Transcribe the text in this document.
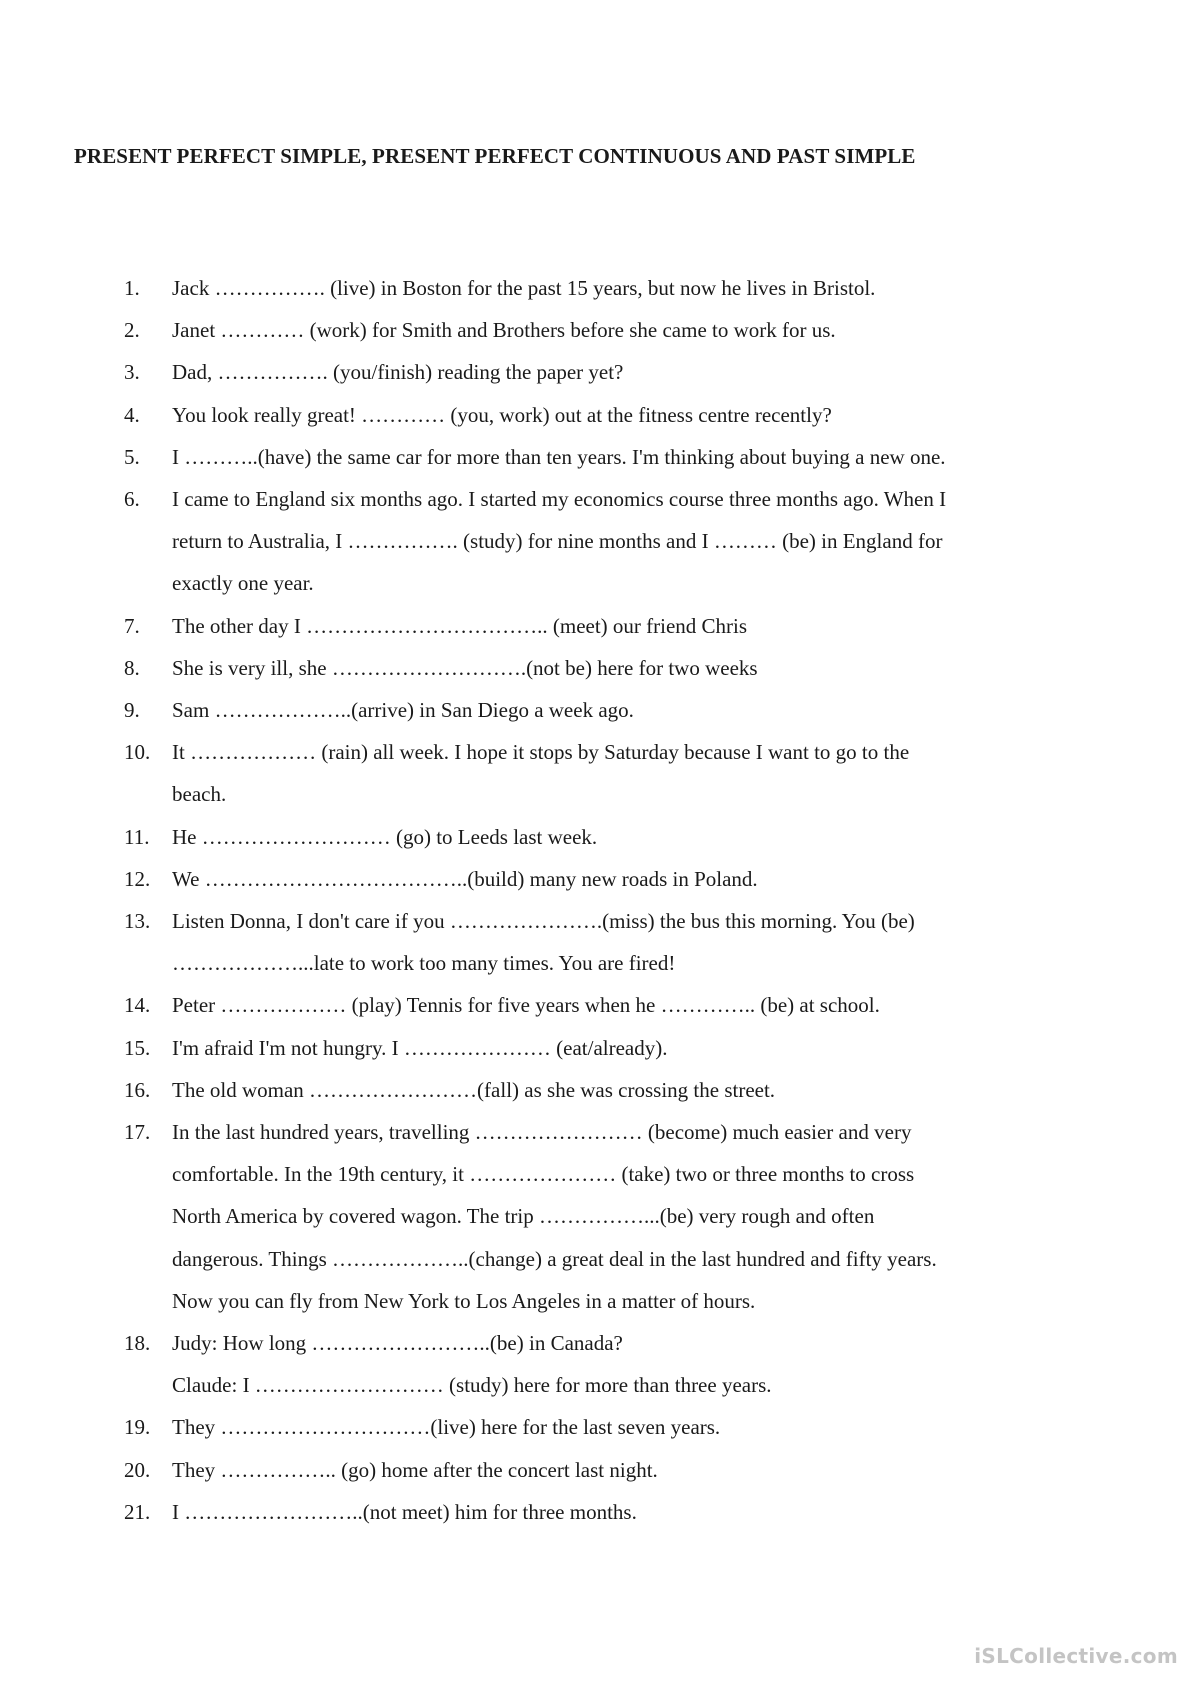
PRESENT PERFECT SIMPLE, PRESENT PERFECT CONTINUOUS AND PAST SIMPLE
1. Jack ……………. (live) in Boston for the past 15 years, but now he lives in Bristol.
2. Janet ………… (work) for Smith and Brothers before she came to work for us.
3. Dad, ……………. (you/finish) reading the paper yet?
4. You look really great! ………… (you, work) out at the fitness centre recently?
5. I ………..(have) the same car for more than ten years. I'm thinking about buying a new one.
6. I came to England six months ago. I started my economics course three months ago. When I
return to Australia, I ……………. (study) for nine months and I ……… (be) in England for
exactly one year.
7. The other day I …………………………….. (meet) our friend Chris
8. She is very ill, she ……………………….(not be) here for two weeks
9. Sam ………………..(arrive) in San Diego a week ago.
10. It ……………… (rain) all week. I hope it stops by Saturday because I want to go to the
beach.
11. He ……………………… (go) to Leeds last week.
12. We ………………………………..(build) many new roads in Poland.
13. Listen Donna, I don't care if you ………………….(miss) the bus this morning. You (be)
………………...late to work too many times. You are fired!
14. Peter ……………… (play) Tennis for five years when he ………….. (be) at school.
15. I'm afraid I'm not hungry. I ………………… (eat/already).
16. The old woman ……………………(fall) as she was crossing the street.
17. In the last hundred years, travelling …………………… (become) much easier and very
comfortable. In the 19th century, it ………………… (take) two or three months to cross
North America by covered wagon. The trip ……………...(be) very rough and often
dangerous. Things ………………..(change) a great deal in the last hundred and fifty years.
Now you can fly from New York to Los Angeles in a matter of hours.
18. Judy: How long ……………………..(be) in Canada?
Claude: I ……………………… (study) here for more than three years.
19. They …………………………(live) here for the last seven years.
20. They …………….. (go) home after the concert last night.
21. I ……………………..(not meet) him for three months.
iSLCollective.com
